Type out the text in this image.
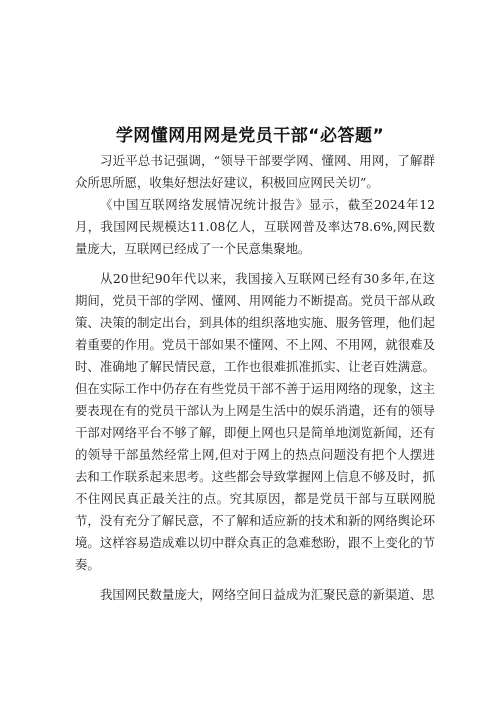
学网懂网用网是党员干部“必答题”

习近平总书记强调，“领导干部要学网、懂网、用网，了解群众所思所愿，收集好想法好建议，积极回应网民关切”。

《中国互联网络发展情况统计报告》显示，截至2024年12月，我国网民规模达11.08亿人，互联网普及率达78.6%,网民数量庞大，互联网已经成了一个民意集聚地。

从20世纪90年代以来，我国接入互联网已经有30多年,在这期间，党员干部的学网、懂网、用网能力不断提高。党员干部从政策、决策的制定出台，到具体的组织落地实施、服务管理，他们起着重要的作用。党员干部如果不懂网、不上网、不用网，就很难及时、准确地了解民情民意，工作也很难抓准抓实、让老百姓满意。但在实际工作中仍存在有些党员干部不善于运用网络的现象，这主要表现在有的党员干部认为上网是生活中的娱乐消遣，还有的领导干部对网络平台不够了解，即便上网也只是简单地浏览新闻，还有的领导干部虽然经常上网,但对于网上的热点问题没有把个人摆进去和工作联系起来思考。这些都会导致掌握网上信息不够及时，抓不住网民真正最关注的点。究其原因，都是党员干部与互联网脱节，没有充分了解民意，不了解和适应新的技术和新的网络舆论环境。这样容易造成难以切中群众真正的急难愁盼，跟不上变化的节奏。

我国网民数量庞大，网络空间日益成为汇聚民意的新渠道、思
